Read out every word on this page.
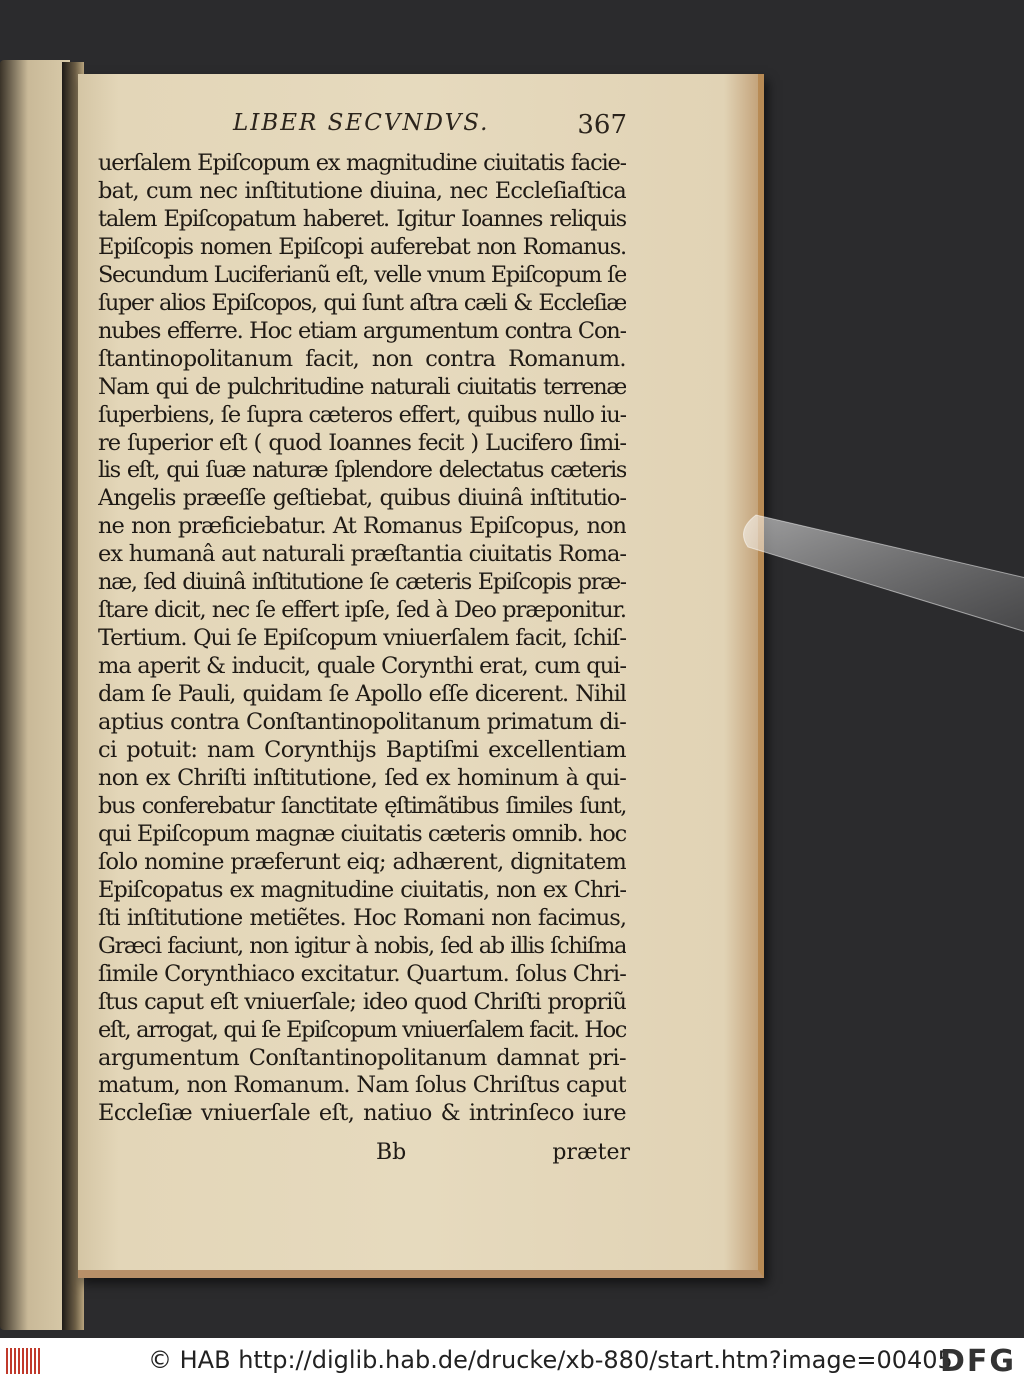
LIBER SECVNDVS.	367
uerſalem Epiſcopum ex magnitudine ciuitatis facie-
bat, cum nec inſtitutione diuina, nec Eccleſiaſtica
talem Epiſcopatum haberet. Igitur Ioannes reliquis
Epiſcopis nomen Epiſcopi auferebat non Romanus.
Secundum Luciferianũ eſt, velle vnum Epiſcopum ſe
ſuper alios Epiſcopos, qui ſunt aſtra cæli & Eccleſiæ
nubes efferre. Hoc etiam argumentum contra Con-
ſtantinopolitanum facit, non contra Romanum.
Nam qui de pulchritudine naturali ciuitatis terrenæ
ſuperbiens, ſe ſupra cæteros effert, quibus nullo iu-
re ſuperior eſt ( quod Ioannes fecit ) Lucifero ſimi-
lis eſt, qui ſuæ naturæ ſplendore delectatus cæteris
Angelis præeſſe geſtiebat, quibus diuinâ inſtitutio-
ne non præficiebatur. At Romanus Epiſcopus, non
ex humanâ aut naturali præſtantia ciuitatis Roma-
næ, ſed diuinâ inſtitutione ſe cæteris Epiſcopis præ-
ſtare dicit, nec ſe effert ipſe, ſed à Deo præponitur.
Tertium. Qui ſe Epiſcopum vniuerſalem facit, ſchiſ-
ma aperit & inducit, quale Corynthi erat, cum qui-
dam ſe Pauli, quidam ſe Apollo eſſe dicerent. Nihil
aptius contra Conſtantinopolitanum primatum di-
ci potuit: nam Corynthijs Baptiſmi excellentiam
non ex Chriſti inſtitutione, ſed ex hominum à qui-
bus conferebatur ſanctitate ęſtimãtibus ſimiles ſunt,
qui Epiſcopum magnæ ciuitatis cæteris omnib. hoc
ſolo nomine præferunt eiq; adhærent, dignitatem
Epiſcopatus ex magnitudine ciuitatis, non ex Chri-
ſti inſtitutione metiẽtes. Hoc Romani non facimus,
Græci faciunt, non igitur à nobis, ſed ab illis ſchiſma
ſimile Corynthiaco excitatur. Quartum. ſolus Chri-
ſtus caput eſt vniuerſale; ideo quod Chriſti propriũ
eſt, arrogat, qui ſe Epiſcopum vniuerſalem facit. Hoc
argumentum Conſtantinopolitanum damnat pri-
matum, non Romanum. Nam ſolus Chriſtus caput
Eccleſiæ vniuerſale eſt, natiuo & intrinſeco iure
Bb	præter
© HAB http://diglib.hab.de/drucke/xb-880/start.htm?image=00405
DFG
